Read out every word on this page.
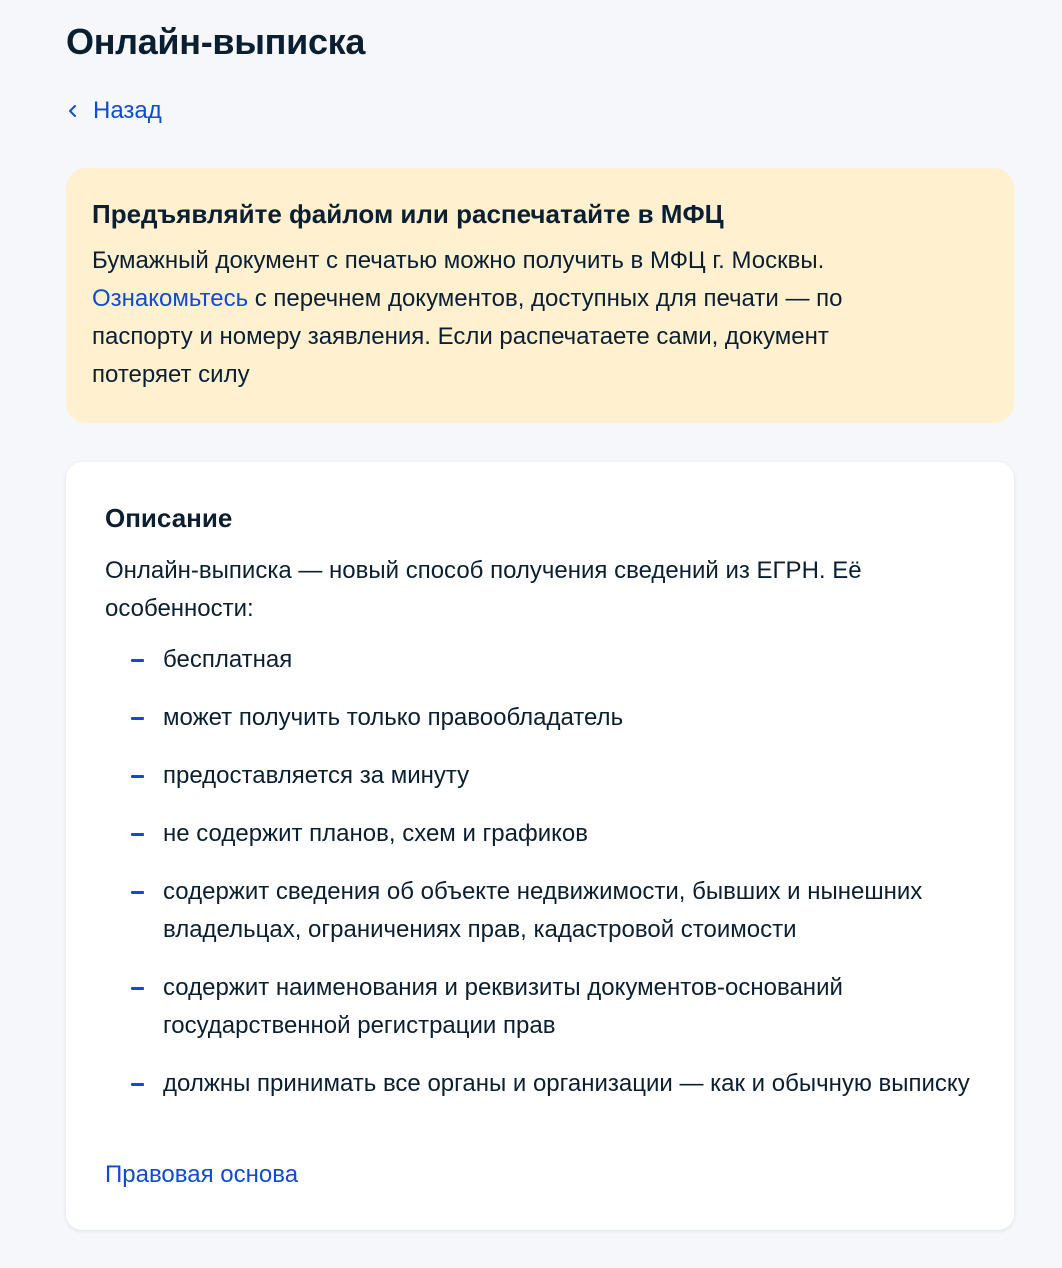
Онлайн-выписка
Назад
Предъявляйте файлом или распечатайте в МФЦ

Бумажный документ с печатью можно получить в МФЦ г. Москвы.
Ознакомьтесь с перечнем документов, доступных для печати — по паспорту и номеру заявления. Если распечатаете сами, документ потеряет силу

Описание

Онлайн-выписка — новый способ получения сведений из ЕГРН. Её особенности:

бесплатная
может получить только правообладатель
предоставляется за минуту
не содержит планов, схем и графиков
содержит сведения об объекте недвижимости, бывших и нынешних владельцах, ограничениях прав, кадастровой стоимости
содержит наименования и реквизиты документов-оснований государственной регистрации прав
должны принимать все органы и организации — как и обычную выписку
Правовая основа
